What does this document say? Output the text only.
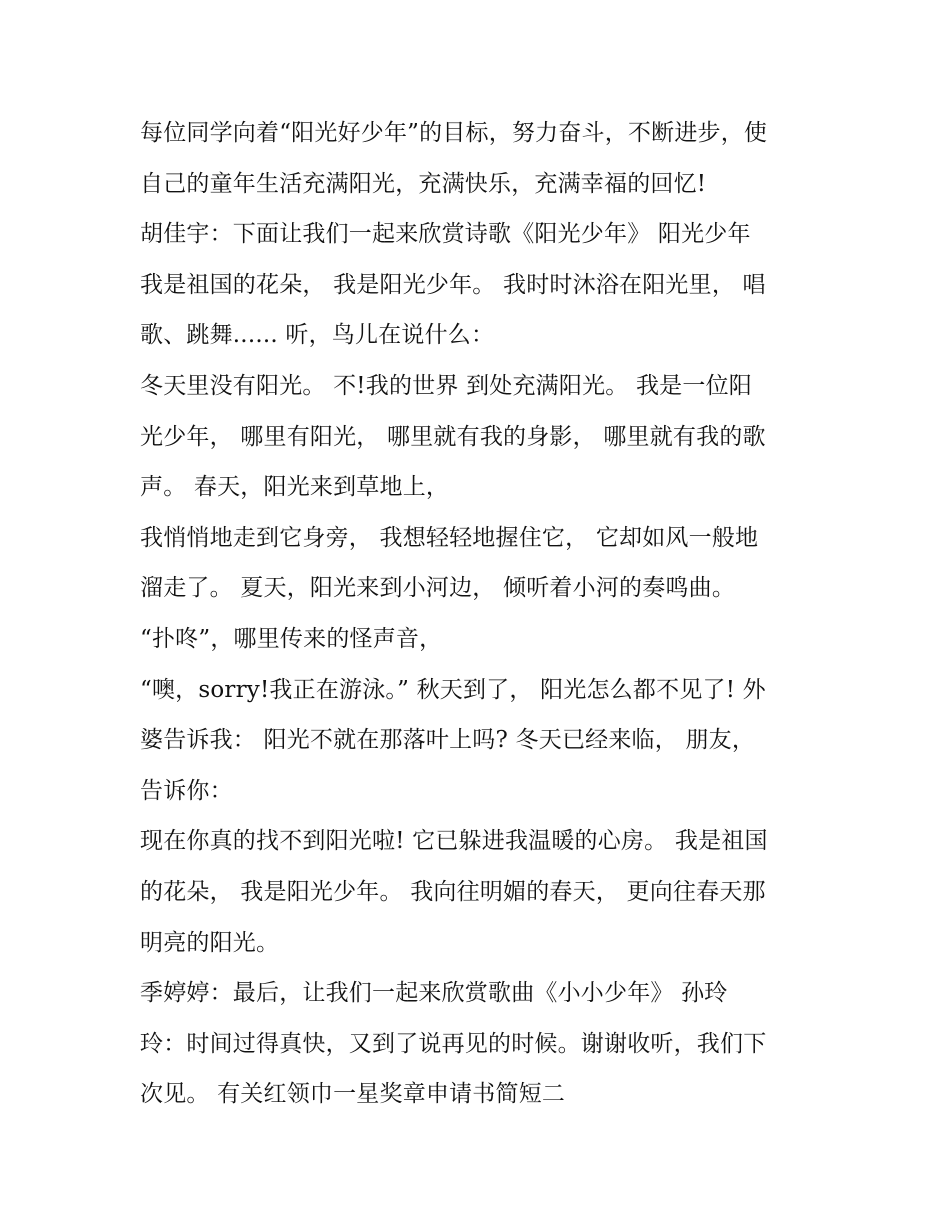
每位同学向着“阳光好少年”的目标，努力奋斗，不断进步，使
自己的童年生活充满阳光，充满快乐，充满幸福的回忆!
胡佳宇：下面让我们一起来欣赏诗歌《阳光少年》 阳光少年
我是祖国的花朵， 我是阳光少年。 我时时沐浴在阳光里， 唱
歌、跳舞...... 听，鸟儿在说什么：
冬天里没有阳光。 不!我的世界 到处充满阳光。 我是一位阳
光少年， 哪里有阳光， 哪里就有我的身影， 哪里就有我的歌
声。 春天，阳光来到草地上，
我悄悄地走到它身旁， 我想轻轻地握住它， 它却如风一般地
溜走了。 夏天，阳光来到小河边， 倾听着小河的奏鸣曲。
“扑咚”，哪里传来的怪声音，
“噢，sorry!我正在游泳。” 秋天到了， 阳光怎么都不见了! 外
婆告诉我： 阳光不就在那落叶上吗? 冬天已经来临， 朋友，
告诉你：
现在你真的找不到阳光啦! 它已躲进我温暖的心房。 我是祖国
的花朵， 我是阳光少年。 我向往明媚的春天， 更向往春天那
明亮的阳光。
季婷婷：最后，让我们一起来欣赏歌曲《小小少年》 孙玲
玲：时间过得真快，又到了说再见的时候。谢谢收听，我们下
次见。 有关红领巾一星奖章申请书简短二
